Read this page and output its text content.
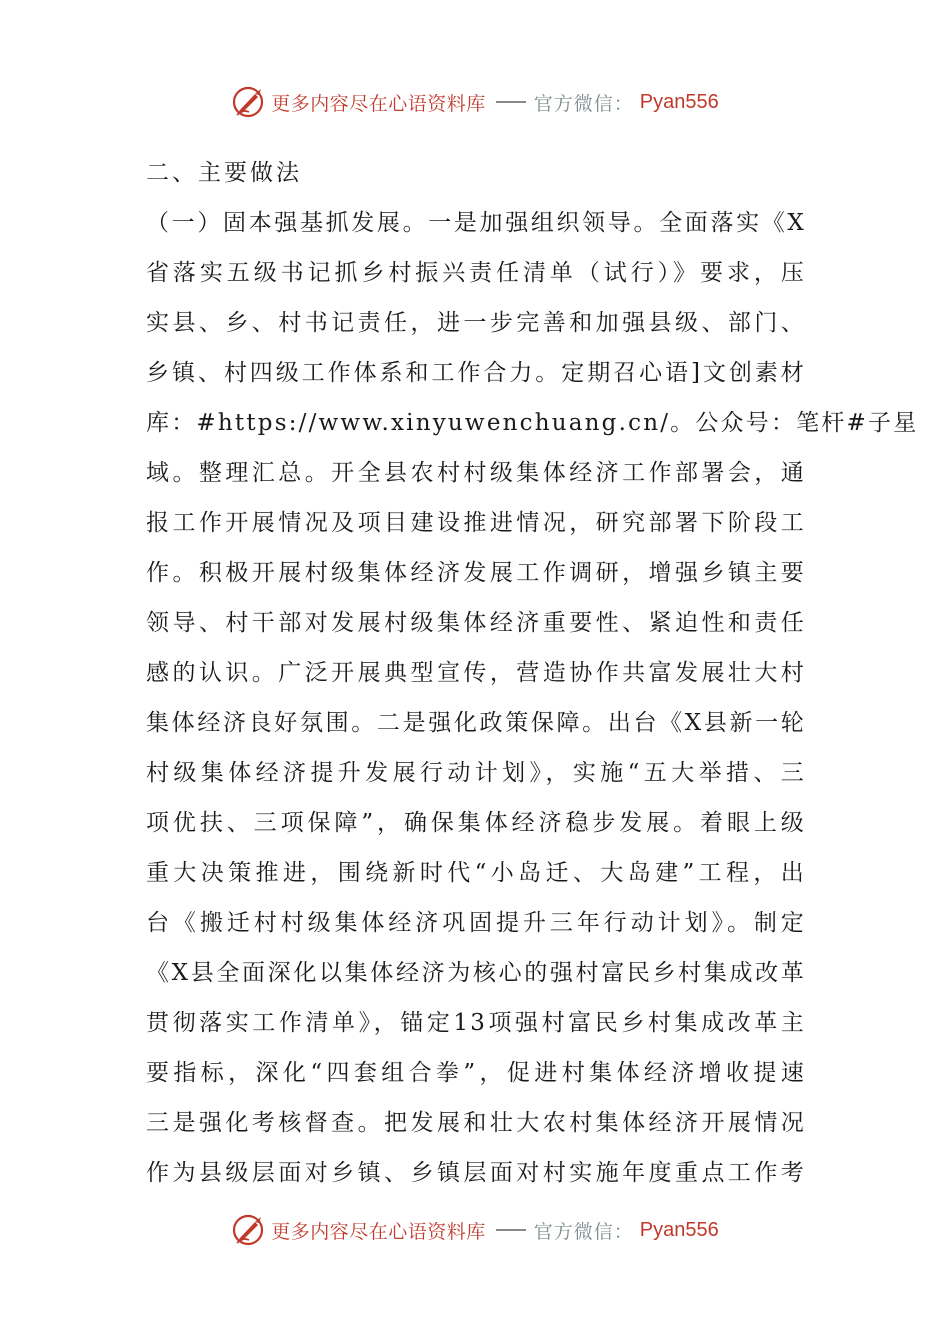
更多内容尽在心语资料库	官方微信： Pyan556

二、主要做法

（一）固本强基抓发展。一是加强组织领导。全面落实《X
省落实五级书记抓乡村振兴责任清单（试行）》要求，压
实县、乡、村书记责任，进一步完善和加强县级、部门、
乡镇、村四级工作体系和工作合力。定期召心语]文创素材
库：#https://www.xinyuwenchuang.cn/。公众号：笔杆#子星
域。整理汇总。开全县农村村级集体经济工作部署会，通
报工作开展情况及项目建设推进情况，研究部署下阶段工
作。积极开展村级集体经济发展工作调研，增强乡镇主要
领导、村干部对发展村级集体经济重要性、紧迫性和责任
感的认识。广泛开展典型宣传，营造协作共富发展壮大村
集体经济良好氛围。二是强化政策保障。出台《X县新一轮
村级集体经济提升发展行动计划》，实施“五大举措、三
项优扶、三项保障”，确保集体经济稳步发展。着眼上级
重大决策推进，围绕新时代“小岛迁、大岛建”工程，出
台《搬迁村村级集体经济巩固提升三年行动计划》。制定
《X县全面深化以集体经济为核心的强村富民乡村集成改革
贯彻落实工作清单》，锚定13项强村富民乡村集成改革主
要指标，深化“四套组合拳”，促进村集体经济增收提速
三是强化考核督查。把发展和壮大农村集体经济开展情况
作为县级层面对乡镇、乡镇层面对村实施年度重点工作考
更多内容尽在心语资料库	官方微信： Pyan556
